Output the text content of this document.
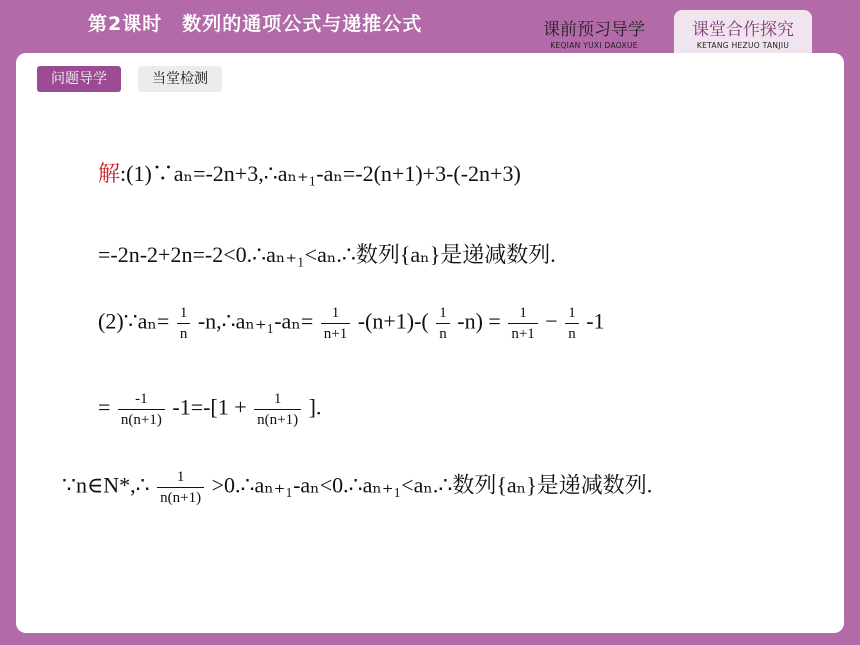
第2课时　数列的通项公式与递推公式	课前预习导学
KEQIAN YUXI DAOXUE
课堂合作探究
KETANG HEZUO TANJIU
问题导学	当堂检测
解:(1)∵aₙ=-2n+3,∴aₙ₊₁-aₙ=-2(n+1)+3-(-2n+3)
=-2n-2+2n=-2<0.∴aₙ₊₁<aₙ.∴数列{aₙ}是递减数列.
(2)∵aₙ= $\frac{1}{n}$ -n,∴aₙ₊₁-aₙ= $\frac{1}{n+1} -(n+1)-( \frac{1}{n} -n) = \frac{1}{n+1} - \frac{1}{n} -1$
= $\frac{-1}{n(n+1)} -1=-[1 + \frac{1}{n(n+1)}$ ].
∵n∈N*,∴ $\frac{1}{n(n+1)}$ >0.∴aₙ₊₁-aₙ<0.∴aₙ₊₁<aₙ.∴数列{aₙ}是递减数列.
